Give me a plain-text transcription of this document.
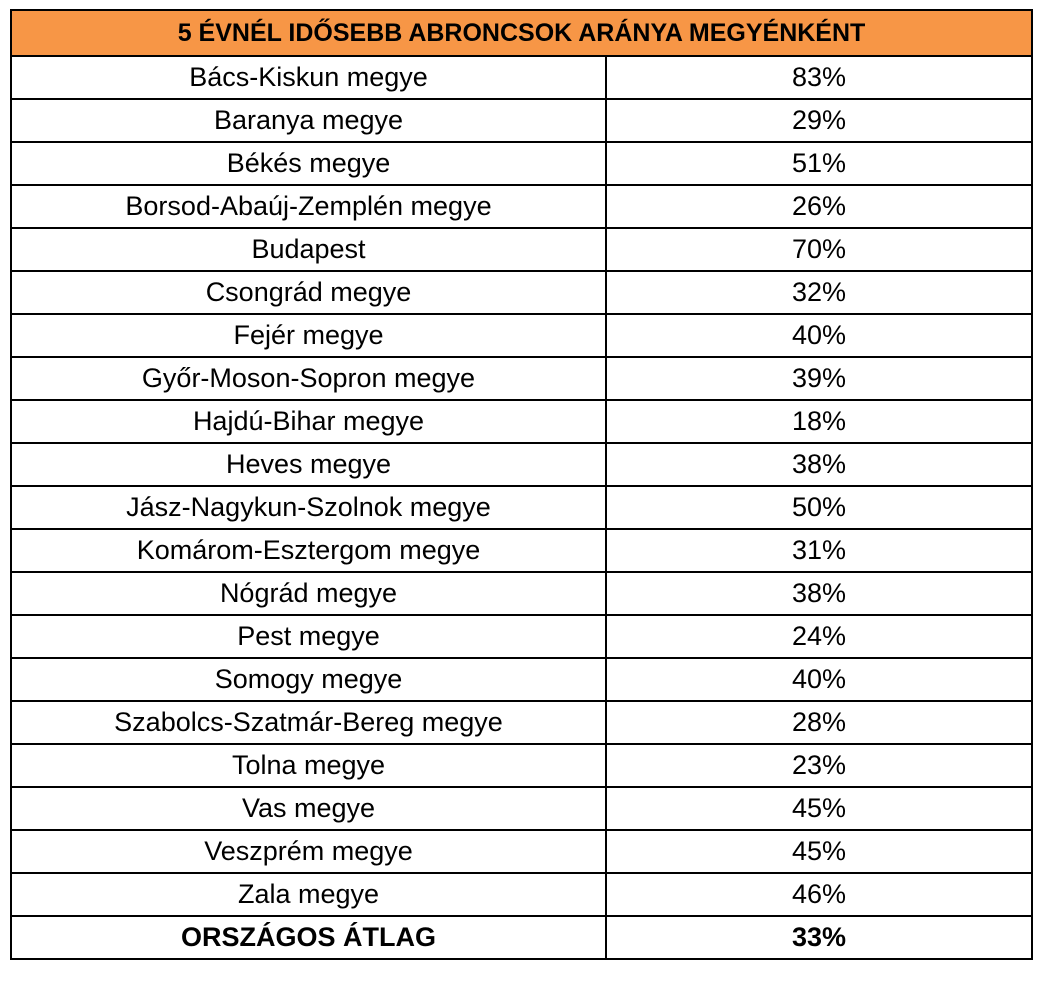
5 ÉVNÉL IDŐSEBB ABRONCSOK ARÁNYA MEGYÉNKÉNT	
Bács-Kiskun megye	83%
Baranya megye	29%
Békés megye	51%
Borsod-Abaúj-Zemplén megye	26%
Budapest	70%
Csongrád megye	32%
Fejér megye	40%
Győr-Moson-Sopron megye	39%
Hajdú-Bihar megye	18%
Heves megye	38%
Jász-Nagykun-Szolnok megye	50%
Komárom-Esztergom megye	31%
Nógrád megye	38%
Pest megye	24%
Somogy megye	40%
Szabolcs-Szatmár-Bereg megye	28%
Tolna megye	23%
Vas megye	45%
Veszprém megye	45%
Zala megye	46%
ORSZÁGOS ÁTLAG	33%
